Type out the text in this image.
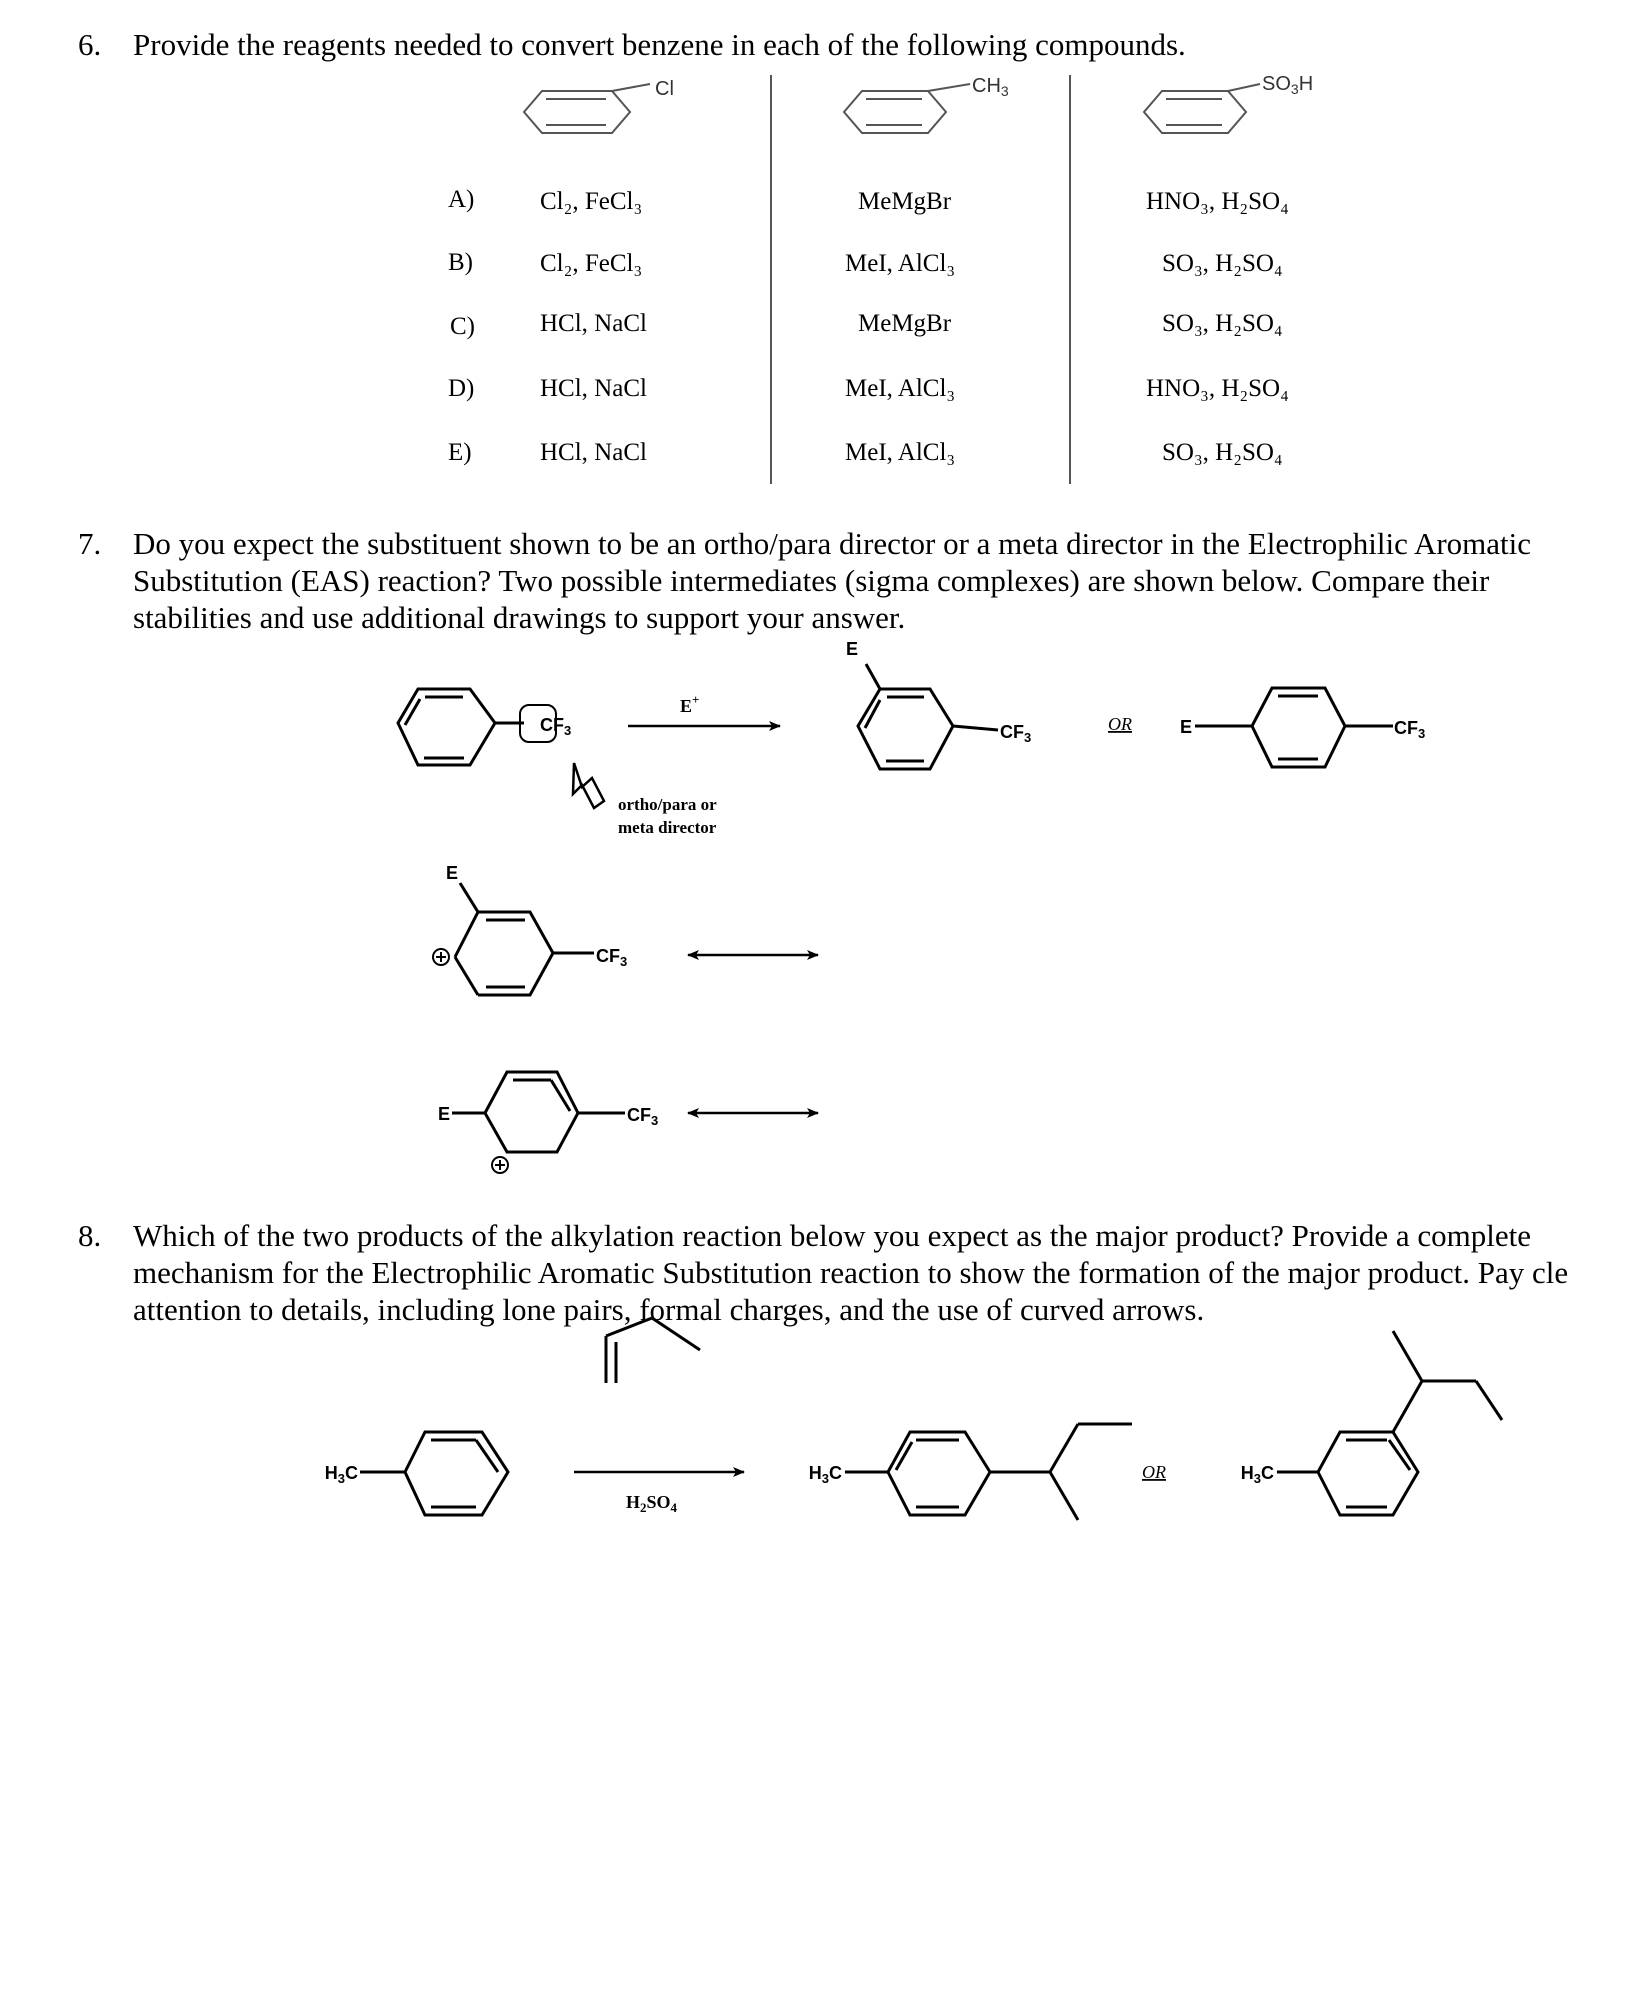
6. Provide the reagents needed to convert benzene in each of the following compounds.
A)	Cl₂, FeCl₃	MeMgBr	HNO₃, H₂SO₄
B)	Cl₂, FeCl₃	MeI, AlCl₃	SO₃, H₂SO₄
C)	HCl, NaCl	MeMgBr	SO₃, H₂SO₄
D)	HCl, NaCl	MeI, AlCl₃	HNO₃, H₂SO₄
E)	HCl, NaCl	MeI, AlCl₃	SO₃, H₂SO₄
7. Do you expect the substituent shown to be an ortho/para director or a meta director in the Electrophilic Aromatic
Substitution (EAS) reaction? Two possible intermediates (sigma complexes) are shown below. Compare their
stabilities and use additional drawings to support your answer.
8. Which of the two products of the alkylation reaction below you expect as the major product? Provide a complete
mechanism for the Electrophilic Aromatic Substitution reaction to show the formation of the major product. Pay cle
attention to details, including lone pairs, formal charges, and the use of curved arrows.
Cl	$CH_3$	$SO_3H$
$CF_3$
E+
ortho/para or
meta director
E
$CF_3$
OR	E	$CF_3$
E
$CF_3$
E	$CF_3$
$H_3C$
$H_2SO_4$
$H_3C$	OR	$H_3C$
